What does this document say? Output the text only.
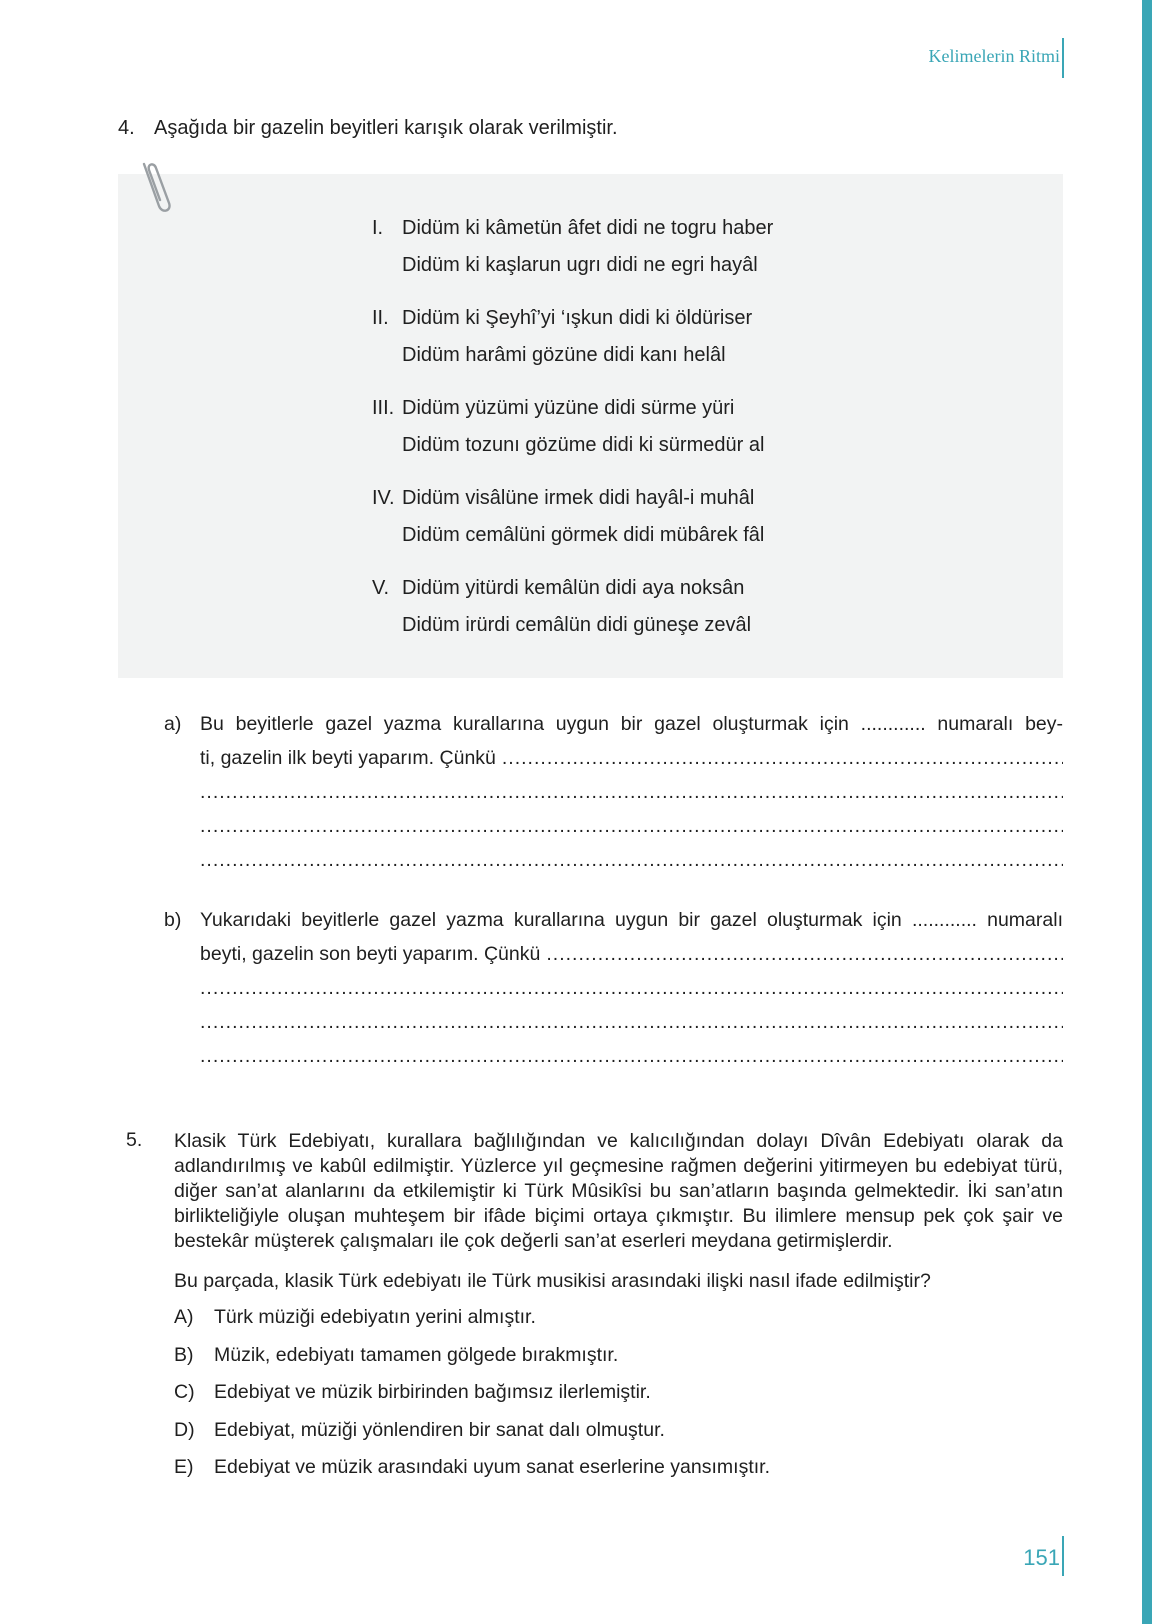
Kelimelerin Ritmi
4. Aşağıda bir gazelin beyitleri karışık olarak verilmiştir.
I. Didüm ki kâmetün âfet didi ne togru haber
Didüm ki kaşlarun ugrı didi ne egri hayâl
II. Didüm ki Şeyhî’yi ‘ışkun didi ki öldüriser
Didüm harâmi gözüne didi kanı helâl
III. Didüm yüzümi yüzüne didi sürme yüri
Didüm tozunı gözüme didi ki sürmedür al
IV. Didüm visâlüne irmek didi hayâl-i muhâl
Didüm cemâlüni görmek didi mübârek fâl
V. Didüm yitürdi kemâlün didi aya noksân
Didüm irürdi cemâlün didi güneşe zevâl
a) Bu beyitlerle gazel yazma kurallarına uygun bir gazel oluşturmak için ............ numaralı bey-
ti, gazelin ilk beyti yaparım. Çünkü
.....
.....
.....
.....
b) Yukarıdaki beyitlerle gazel yazma kurallarına uygun bir gazel oluşturmak için ............ numaralı
beyti, gazelin son beyti yaparım. Çünkü
.....
.....
.....
.....
5. Klasik Türk Edebiyatı, kurallara bağlılığından ve kalıcılığından dolayı Dîvân Edebiyatı olarak da adlandırılmış ve kabûl edilmiştir. Yüzlerce yıl geçmesine rağmen değerini yitirmeyen bu edebiyat türü, diğer san’at alanlarını da etkilemiştir ki Türk Mûsikîsi bu san’atların başında gelmektedir. İki san’atın birlikteliğiyle oluşan muhteşem bir ifâde biçimi ortaya çıkmıştır. Bu ilimlere mensup pek çok şair ve bestekâr müşterek çalışmaları ile çok değerli san’at eserleri meydana getirmişlerdir.
Bu parçada, klasik Türk edebiyatı ile Türk musikisi arasındaki ilişki nasıl ifade edilmiştir?
A) Türk müziği edebiyatın yerini almıştır.
B) Müzik, edebiyatı tamamen gölgede bırakmıştır.
C) Edebiyat ve müzik birbirinden bağımsız ilerlemiştir.
D) Edebiyat, müziği yönlendiren bir sanat dalı olmuştur.
E) Edebiyat ve müzik arasındaki uyum sanat eserlerine yansımıştır.
151
